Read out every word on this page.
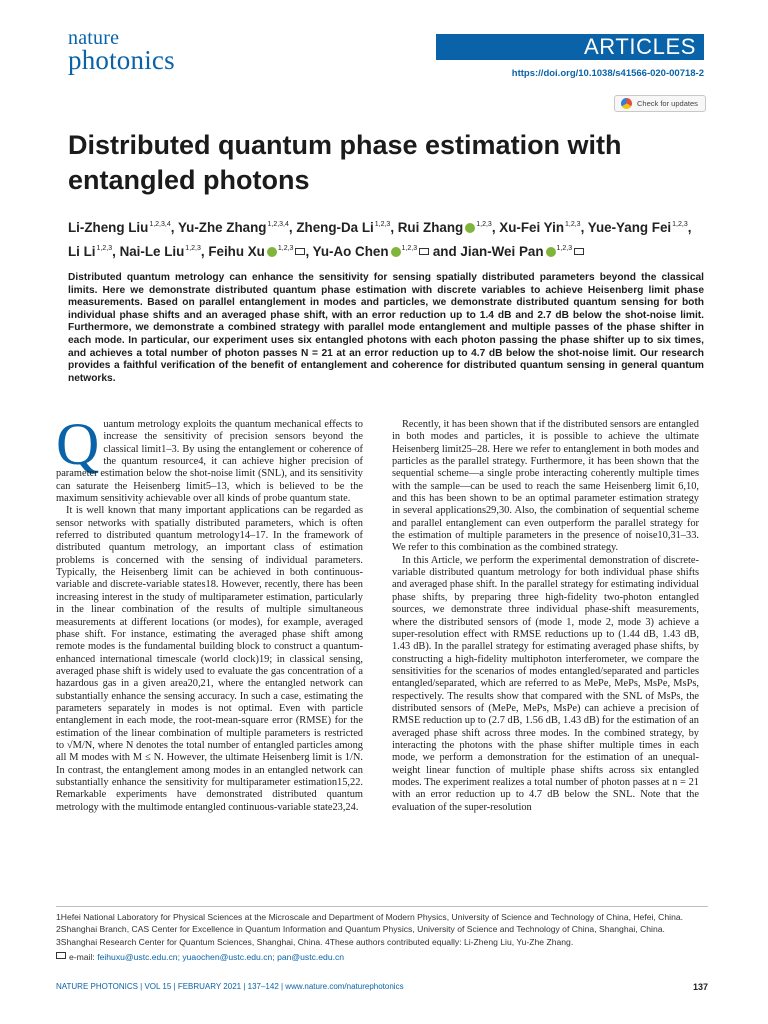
nature
photonics	ARTICLES
https://doi.org/10.1038/s41566-020-00718-2
Check for updates
Distributed quantum phase estimation with entangled photons
Li-Zheng Liu$^{1,2,3,4}$, Yu-Zhe Zhang$^{1,2,3,4}$, Zheng-Da Li$^{1,2,3}$, Rui Zhang $^{1,2,3}$, Xu-Fei Yin$^{1,2,3}$, Yue-Yang Fei$^{1,2,3}$, Li Li$^{1,2,3}$, Nai-Le Liu$^{1,2,3}$, Feihu Xu $^{1,2,3}$ , Yu-Ao Chen $^{1,2,3}$ and Jian-Wei Pan $^{1,2,3}$

Distributed quantum metrology can enhance the sensitivity for sensing spatially distributed parameters beyond the classical limits. Here we demonstrate distributed quantum phase estimation with discrete variables to achieve Heisenberg limit phase measurements. Based on parallel entanglement in modes and particles, we demonstrate distributed quantum sensing for both individual phase shifts and an averaged phase shift, with an error reduction up to 1.4 dB and 2.7 dB below the shot-noise limit. Furthermore, we demonstrate a combined strategy with parallel mode entanglement and multiple passes of the phase shifter in each mode. In particular, our experiment uses six entangled photons with each photon passing the phase shifter up to six times, and achieves a total number of photon passes N = 21 at an error reduction up to 4.7 dB below the shot-noise limit. Our research provides a faithful verification of the benefit of entanglement and coherence for distributed quantum sensing in general quantum networks.

Q uantum metrology exploits the quantum mechanical effects to increase the sensitivity of precision sensors beyond the classical limit1–3. By using the entanglement or coherence of the quantum resource4, it can achieve higher precision of parameter estimation below the shot-noise limit (SNL), and its sensitivity can saturate the Heisenberg limit5–13, which is believed to be the maximum sensitivity achievable over all kinds of probe quantum state.

It is well known that many important applications can be regarded as sensor networks with spatially distributed parameters, which is often referred to distributed quantum metrology14–17. In the framework of distributed quantum metrology, an important class of estimation problems is concerned with the sensing of individual parameters. Typically, the Heisenberg limit can be achieved in both continuous-variable and discrete-variable states18. However, recently, there has been increasing interest in the study of multiparameter estimation, particularly in the linear combination of the results of multiple simultaneous measurements at different locations (or modes), for example, averaged phase shift. For instance, estimating the averaged phase shift among remote modes is the fundamental building block to construct a quantum-enhanced international timescale (world clock)19; in classical sensing, averaged phase shift is widely used to evaluate the gas concentration of a hazardous gas in a given area20,21, where the entangled network can substantially enhance the sensing accuracy. In such a case, estimating the parameters separately in modes is not optimal. Even with particle entanglement in each mode, the root-mean-square error (RMSE) for the estimation of the linear combination of multiple parameters is restricted to √M/N, where N denotes the total number of entangled particles among all M modes with M ≤ N. However, the ultimate Heisenberg limit is 1/N. In contrast, the entanglement among modes in an entangled network can substantially enhance the sensitivity for multiparameter estimation15,22. Remarkable experiments have demonstrated distributed quantum metrology with the multimode entangled continuous-variable state23,24.

Recently, it has been shown that if the distributed sensors are entangled in both modes and particles, it is possible to achieve the ultimate Heisenberg limit25–28. Here we refer to entanglement in both modes and particles as the parallel strategy. Furthermore, it has been shown that the sequential scheme—a single probe interacting coherently multiple times with the sample—can be used to reach the same Heisenberg limit 6,10, and this has been shown to be an optimal parameter estimation strategy in several applications29,30. Also, the combination of sequential scheme and parallel entanglement can even outperform the parallel strategy for the estimation of multiple parameters in the presence of noise10,31–33. We refer to this combination as the combined strategy.

In this Article, we perform the experimental demonstration of discrete-variable distributed quantum metrology for both individual phase shifts and averaged phase shift. In the parallel strategy for estimating individual phase shifts, by preparing three high-fidelity two-photon entangled sources, we demonstrate three individual phase-shift measurements, where the distributed sensors of (mode 1, mode 2, mode 3) achieve a super-resolution effect with RMSE reductions up to (1.44 dB, 1.43 dB, 1.43 dB). In the parallel strategy for estimating averaged phase shifts, by constructing a high-fidelity multiphoton interferometer, we compare the sensitivities for the scenarios of modes entangled/separated and particles entangled/separated, which are referred to as MePe, MePs, MsPe, MsPs, respectively. The results show that compared with the SNL of MsPs, the distributed sensors of (MePe, MePs, MsPe) can achieve a precision of RMSE reduction up to (2.7 dB, 1.56 dB, 1.43 dB) for the estimation of an averaged phase shift across three modes. In the combined strategy, by interacting the photons with the phase shifter multiple times in each mode, we perform a demonstration for the estimation of an unequal-weight linear function of multiple phase shifts across six entangled modes. The experiment realizes a total number of photon passes at n = 21 with an error reduction up to 4.7 dB below the SNL. Note that the evaluation of the super-resolution

1Hefei National Laboratory for Physical Sciences at the Microscale and Department of Modern Physics, University of Science and Technology of China, Hefei, China. 2Shanghai Branch, CAS Center for Excellence in Quantum Information and Quantum Physics, University of Science and Technology of China, Shanghai, China. 3Shanghai Research Center for Quantum Sciences, Shanghai, China. 4These authors contributed equally: Li-Zheng Liu, Yu-Zhe Zhang.
e-mail: feihuxu@ustc.edu.cn; yuaochen@ustc.edu.cn; pan@ustc.edu.cn
NATURE PHOTONICS | VOL 15 | FEBRUARY 2021 | 137–142 | www.nature.com/naturephotonics	137
